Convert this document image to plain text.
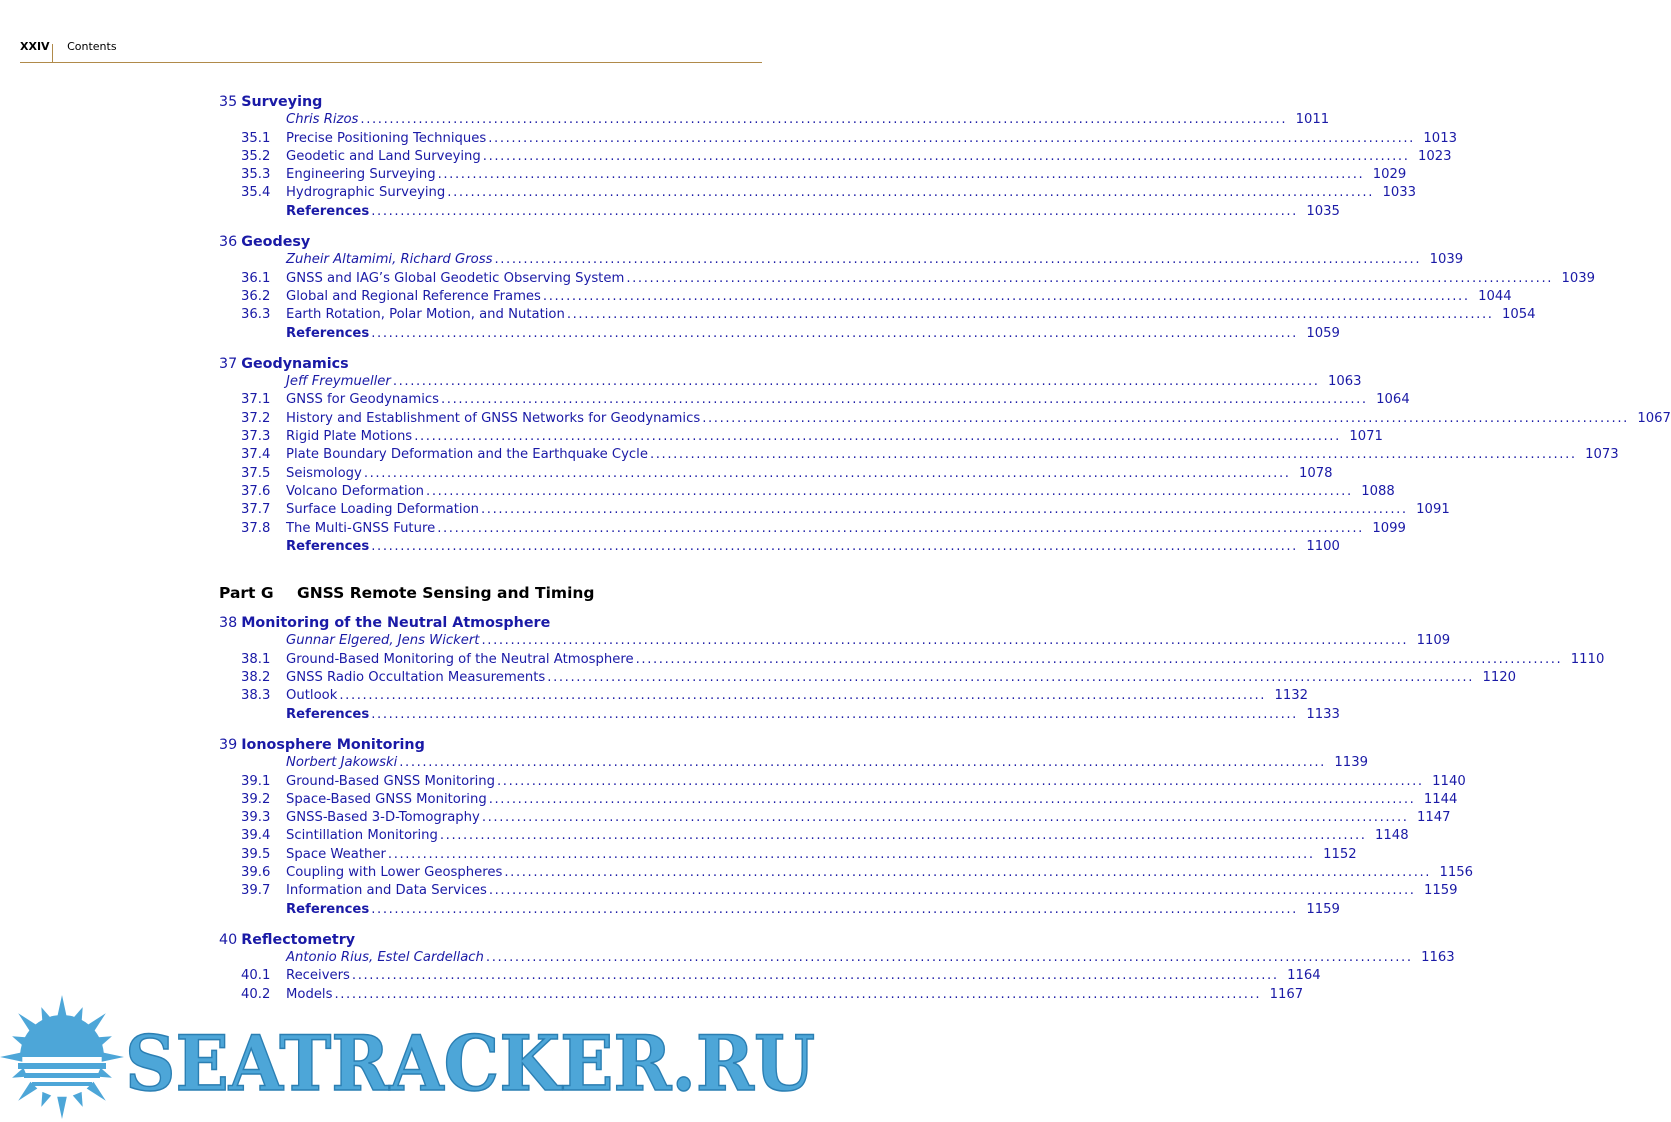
XXIV Contents
35 Surveying
Chris Rizos ................................................................................................................................................................ 1011
35.1	Precise Positioning Techniques ................................................................................................................................................................ 1013
35.2	Geodetic and Land Surveying ................................................................................................................................................................ 1023
35.3	Engineering Surveying ................................................................................................................................................................ 1029
35.4	Hydrographic Surveying ................................................................................................................................................................ 1033
References ................................................................................................................................................................ 1035
36 Geodesy
Zuheir Altamimi, Richard Gross ................................................................................................................................................................ 1039
36.1	GNSS and IAG’s Global Geodetic Observing System ................................................................................................................................................................ 1039
36.2	Global and Regional Reference Frames ................................................................................................................................................................ 1044
36.3	Earth Rotation, Polar Motion, and Nutation ................................................................................................................................................................ 1054
References ................................................................................................................................................................ 1059
37 Geodynamics
Jeff Freymueller ................................................................................................................................................................ 1063
37.1	GNSS for Geodynamics ................................................................................................................................................................ 1064
37.2	History and Establishment of GNSS Networks for Geodynamics ................................................................................................................................................................ 1067
37.3	Rigid Plate Motions ................................................................................................................................................................ 1071
37.4	Plate Boundary Deformation and the Earthquake Cycle ................................................................................................................................................................ 1073
37.5	Seismology ................................................................................................................................................................ 1078
37.6	Volcano Deformation ................................................................................................................................................................ 1088
37.7	Surface Loading Deformation ................................................................................................................................................................ 1091
37.8	The Multi-GNSS Future ................................................................................................................................................................ 1099
References ................................................................................................................................................................ 1100
Part G GNSS Remote Sensing and Timing
38 Monitoring of the Neutral Atmosphere
Gunnar Elgered, Jens Wickert ................................................................................................................................................................ 1109
38.1	Ground-Based Monitoring of the Neutral Atmosphere ................................................................................................................................................................ 1110
38.2	GNSS Radio Occultation Measurements ................................................................................................................................................................ 1120
38.3	Outlook ................................................................................................................................................................ 1132
References ................................................................................................................................................................ 1133
39 Ionosphere Monitoring
Norbert Jakowski ................................................................................................................................................................ 1139
39.1	Ground-Based GNSS Monitoring ................................................................................................................................................................ 1140
39.2	Space-Based GNSS Monitoring ................................................................................................................................................................ 1144
39.3	GNSS-Based 3-D-Tomography ................................................................................................................................................................ 1147
39.4	Scintillation Monitoring ................................................................................................................................................................ 1148
39.5	Space Weather ................................................................................................................................................................ 1152
39.6	Coupling with Lower Geospheres ................................................................................................................................................................ 1156
39.7	Information and Data Services ................................................................................................................................................................ 1159
References ................................................................................................................................................................ 1159
40 Reflectometry
Antonio Rius, Estel Cardellach ................................................................................................................................................................ 1163
40.1	Receivers ................................................................................................................................................................ 1164
40.2	Models ................................................................................................................................................................ 1167
SEATRACKER.RU
